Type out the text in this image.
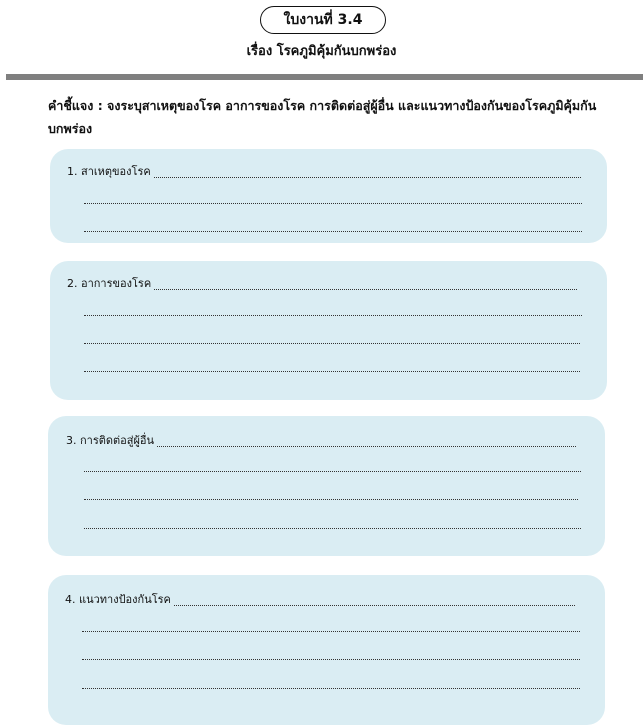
ใบงานที่ 3.4
เรื่อง โรคภูมิคุ้มกันบกพร่อง
คำชี้แจง : จงระบุสาเหตุของโรค อาการของโรค การติดต่อสู่ผู้อื่น และแนวทางป้องกันของโรคภูมิคุ้มกันบกพร่อง
1. สาเหตุของโรค
2. อาการของโรค
3. การติดต่อสู่ผู้อื่น
4. แนวทางป้องกันโรค
